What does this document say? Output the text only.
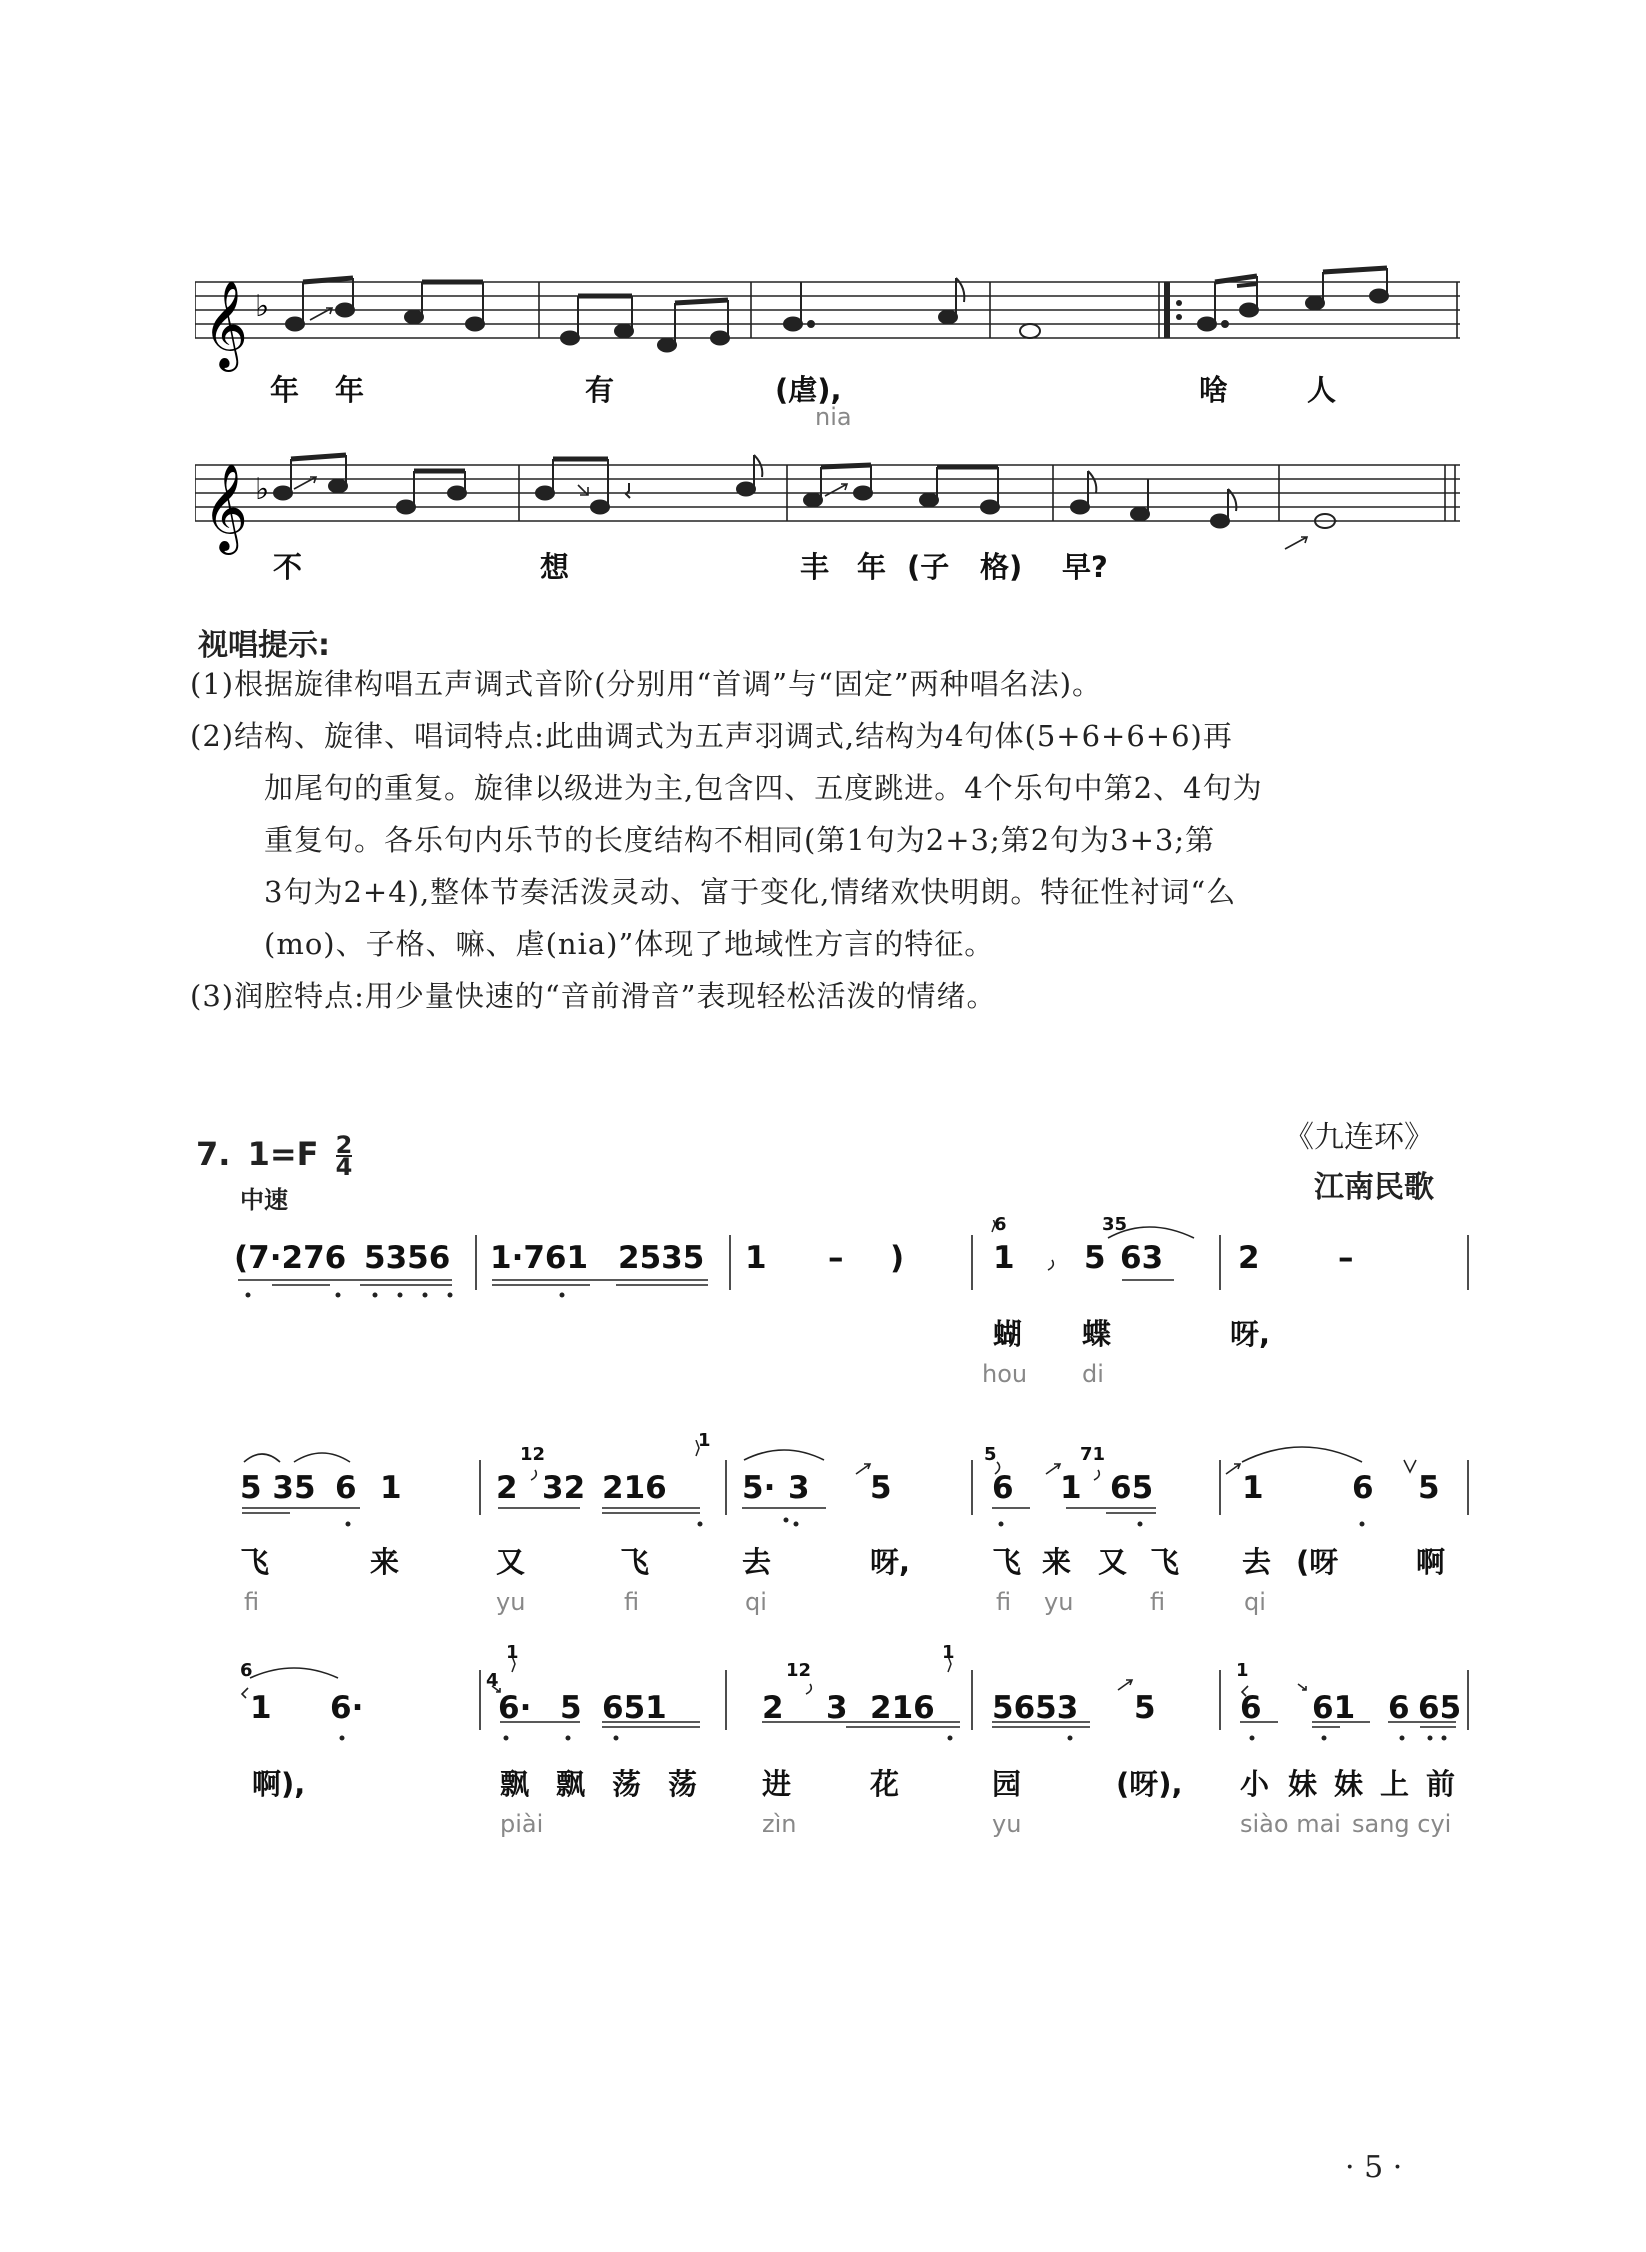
𝄞 ♭
年 年	有	(虐),	啥	人
nia
𝄞 ♭
不	想	丰 年 (子 格) 早?
视唱提示:
(1)根据旋律构唱五声调式音阶(分别用“首调”与“固定”两种唱名法)。
(2)结构、旋律、唱词特点:此曲调式为五声羽调式,结构为4句体(5+6+6+6)再
加尾句的重复。旋律以级进为主,包含四、五度跳进。4个乐句中第2、4句为
重复句。各乐句内乐节的长度结构不相同(第1句为2+3;第2句为3+3;第
3句为2+4),整体节奏活泼灵动、富于变化,情绪欢快明朗。特征性衬词“么
(mo)、子格、嘛、虐(nia)”体现了地域性方言的特征。
(3)润腔特点:用少量快速的“音前滑音”表现轻松活泼的情绪。
7. $1=F \frac{2}{4}$
中速
《九连环》
江南民歌
(7·276 5356 1·761 2535 1 – )	1 5 63 2	–
6	35
蝴 蝶	呀,
hou di
5 3 5 6 1	2 32 216 5· 3 5	6 1 65	1	6 5
12
1
5	71
飞	来	又	飞	去	呀,	飞 来 又 飞 去 (呀	啊
fi	yu	fi	qi	fi yu	fi	qi
1 6·	6· 5 651	2 3 216 5653 5	6 61 6 65
6	4
1
12
1
1
啊),	飘 飘 荡 荡 进	花	园	(呀), 小 妹 妹 上 前
piài	zìn	yu	siào mai sang cyi
· 5 ·
